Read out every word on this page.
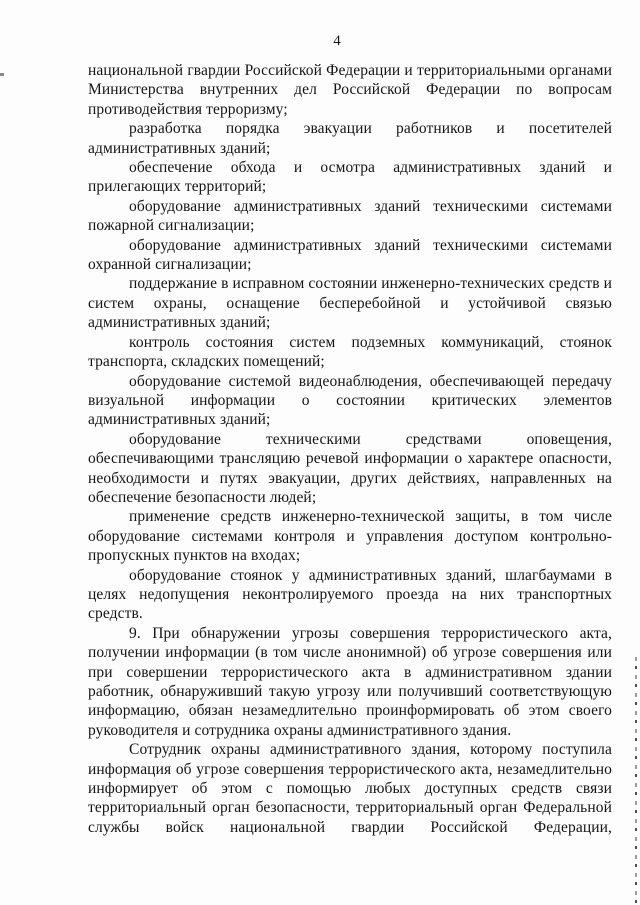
4
национальной гвардии Российской Федерации и территориальными органами
Министерства внутренних дел Российской Федерации по вопросам
противодействия терроризму;
разработка порядка эвакуации работников и посетителей
административных зданий;
обеспечение обхода и осмотра административных зданий и
прилегающих территорий;
оборудование административных зданий техническими системами
пожарной сигнализации;
оборудование административных зданий техническими системами
охранной сигнализации;
поддержание в исправном состоянии инженерно-технических средств и
систем охраны, оснащение бесперебойной и устойчивой связью
административных зданий;
контроль состояния систем подземных коммуникаций, стоянок
транспорта, складских помещений;
оборудование системой видеонаблюдения, обеспечивающей передачу
визуальной информации о состоянии критических элементов
административных зданий;
оборудование техническими средствами оповещения,
обеспечивающими трансляцию речевой информации о характере опасности,
необходимости и путях эвакуации, других действиях, направленных на
обеспечение безопасности людей;
применение средств инженерно-технической защиты, в том числе
оборудование системами контроля и управления доступом контрольно-
пропускных пунктов на входах;
оборудование стоянок у административных зданий, шлагбаумами в
целях недопущения неконтролируемого проезда на них транспортных
средств.
9. При обнаружении угрозы совершения террористического акта,
получении информации (в том числе анонимной) об угрозе совершения или
при совершении террористического акта в административном здании
работник, обнаруживший такую угрозу или получивший соответствующую
информацию, обязан незамедлительно проинформировать об этом своего
руководителя и сотрудника охраны административного здания.
Сотрудник охраны административного здания, которому поступила
информация об угрозе совершения террористического акта, незамедлительно
информирует об этом с помощью любых доступных средств связи
территориальный орган безопасности, территориальный орган Федеральной
службы войск национальной гвардии Российской Федерации,
